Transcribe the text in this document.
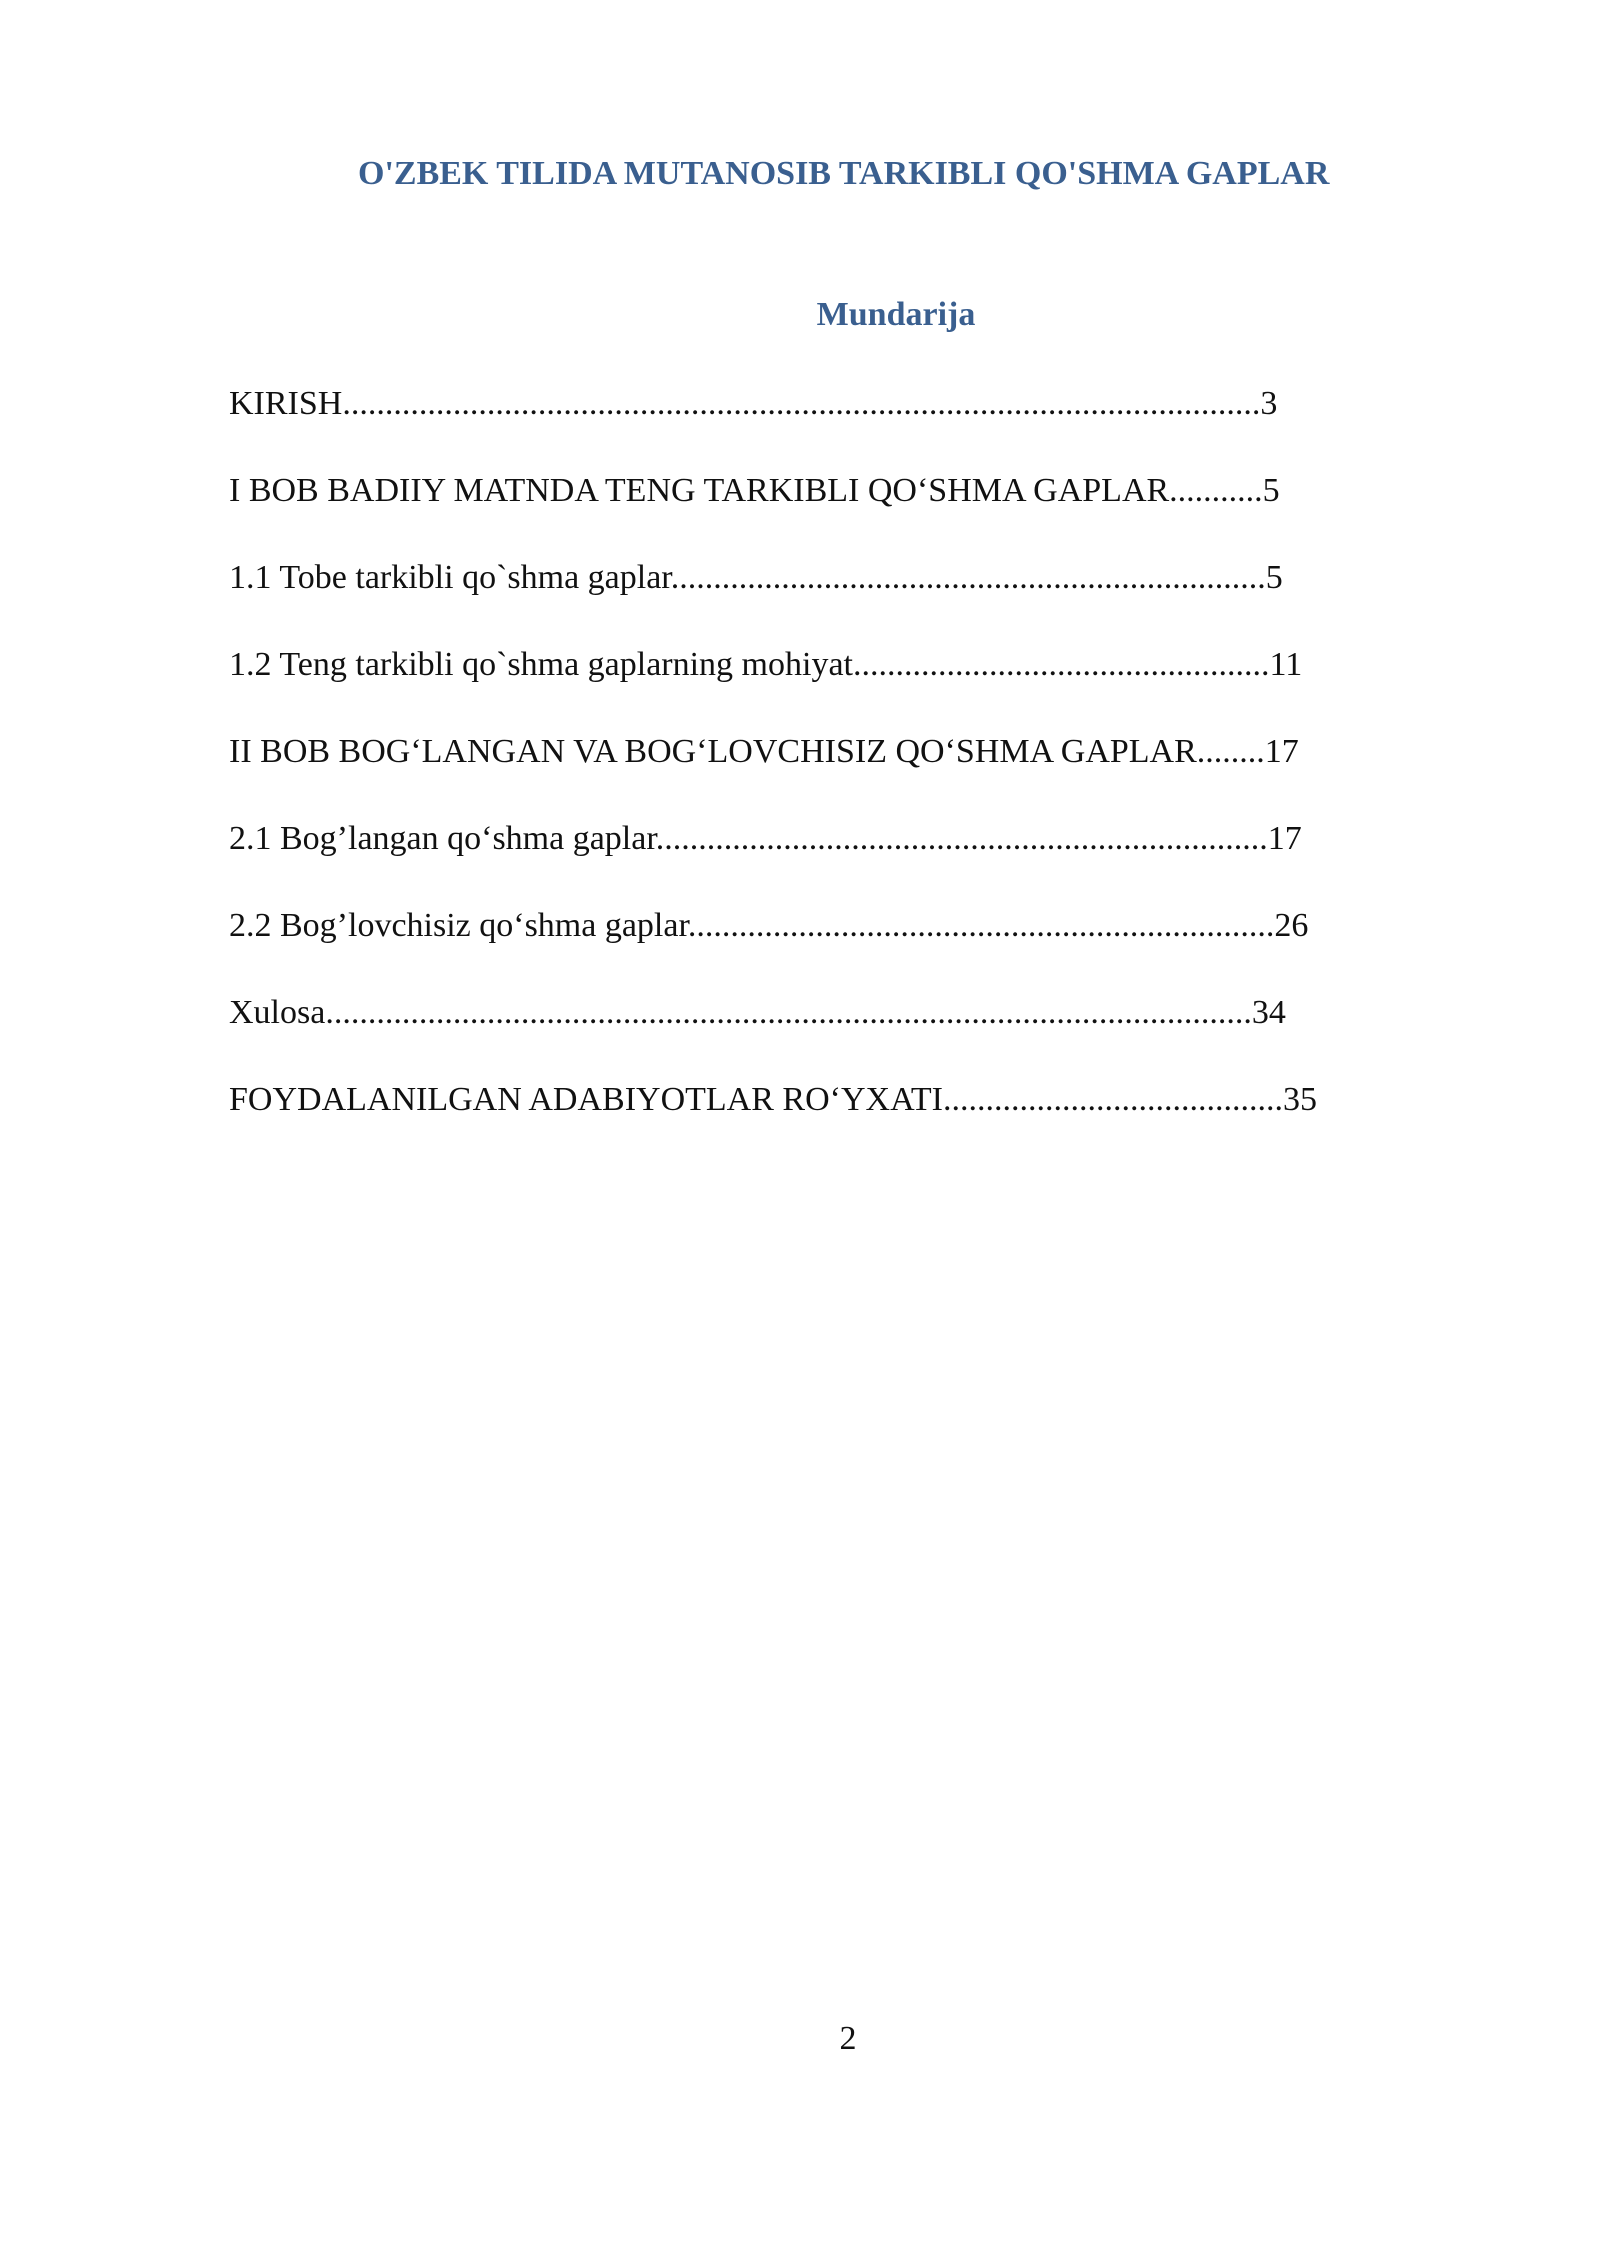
O'ZBEK TILIDA MUTANOSIB TARKIBLI QO'SHMA GAPLAR
Mundarija
KIRISH............................................................................................................3
I BOB BADIIY MATNDA TENG TARKIBLI QO‘SHMA GAPLAR...........5
1.1 Tobe tarkibli qo`shma gaplar......................................................................5
1.2 Teng tarkibli qo`shma gaplarning mohiyat.................................................11
II BOB BOG‘LANGAN VA BOG‘LOVCHISIZ QO‘SHMA GAPLAR........17
2.1 Bog’langan qo‘shma gaplar........................................................................17
2.2 Bog’lovchisiz qo‘shma gaplar.....................................................................26
Xulosa.............................................................................................................34
FOYDALANILGAN ADABIYOTLAR RO‘YXATI........................................35
2
